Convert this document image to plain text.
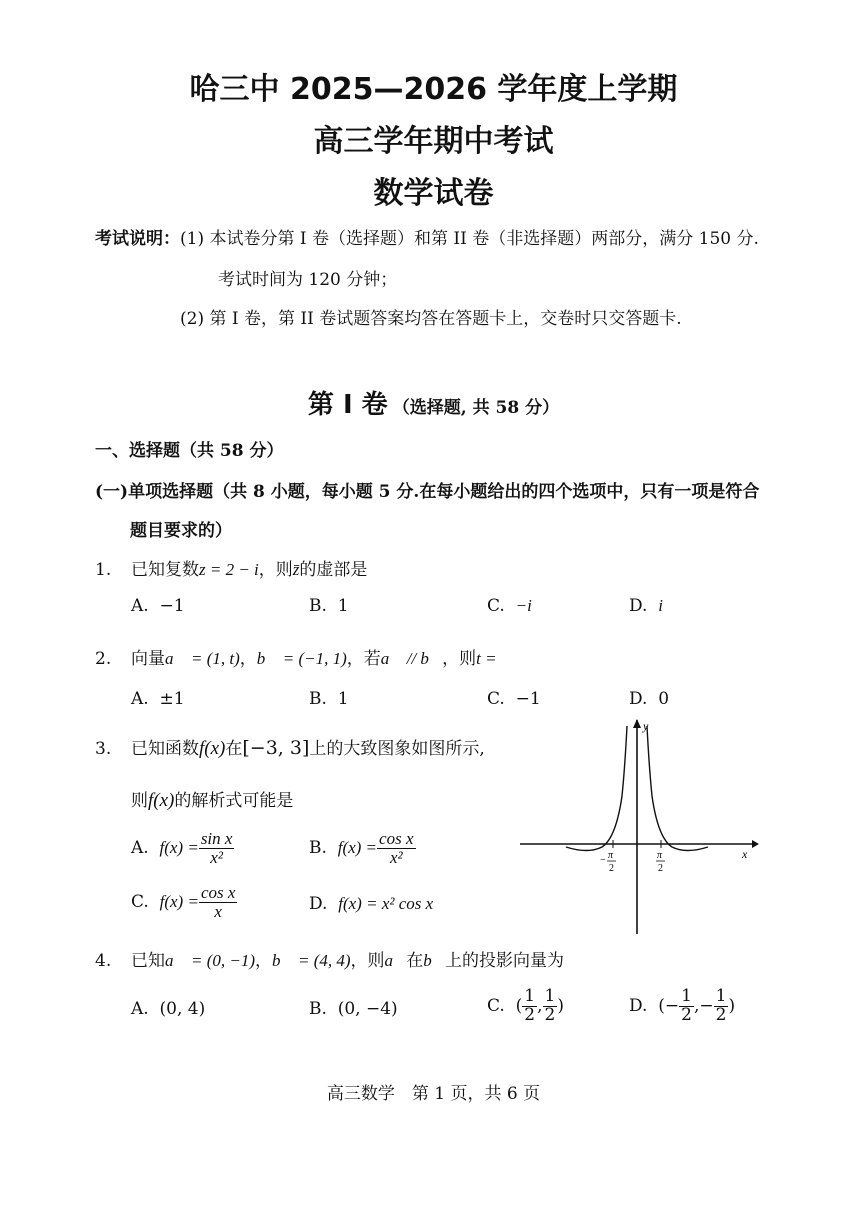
哈三中 2025—2026 学年度上学期
高三学年期中考试
数学试卷
考试说明：(1) 本试卷分第 I 卷（选择题）和第 II 卷（非选择题）两部分，满分 150 分.
考试时间为 120 分钟；
(2) 第 I 卷，第 II 卷试题答案均答在答题卡上，交卷时只交答题卡.
第 I 卷 （选择题, 共 58 分）
一、选择题（共 58 分）
(一)单项选择题（共 8 小题，每小题 5 分.在每小题给出的四个选项中，只有一项是符合
题目要求的）
1. 已知复数z = 2 − i，则z̄的虚部是
A. −1	B. 1	C. −i	D. i
2. 向量a⃗ = (1, t)，b⃗ = (−1, 1)，若a⃗ // b⃗，则t =
A. ±1	B. 1	C. −1	D. 0
3. 已知函数f(x)在[−3, 3]上的大致图象如图所示,
则f(x)的解析式可能是
A. $f(x) = \frac{\text{sin x}}{\text{x²}}$	B. $f(x) = \frac{\text{cos x}}{\text{x²}}$
C. $f(x) = \frac{\text{cos x}}{x}$	D. f(x) = x² cos x
y
x
− π
2
π
2
4. 已知a⃗ = (0, −1)，b⃗ = (4, 4)，则a⃗在b⃗上的投影向量为
A. (0, 4)	B. (0, −4)	C. ( $\frac{1}{2}$ , $\frac{1}{2}$ )	D. (− $\frac{1}{2}$ ,− $\frac{1}{2}$ )
高三数学　第 1 页，共 6 页
